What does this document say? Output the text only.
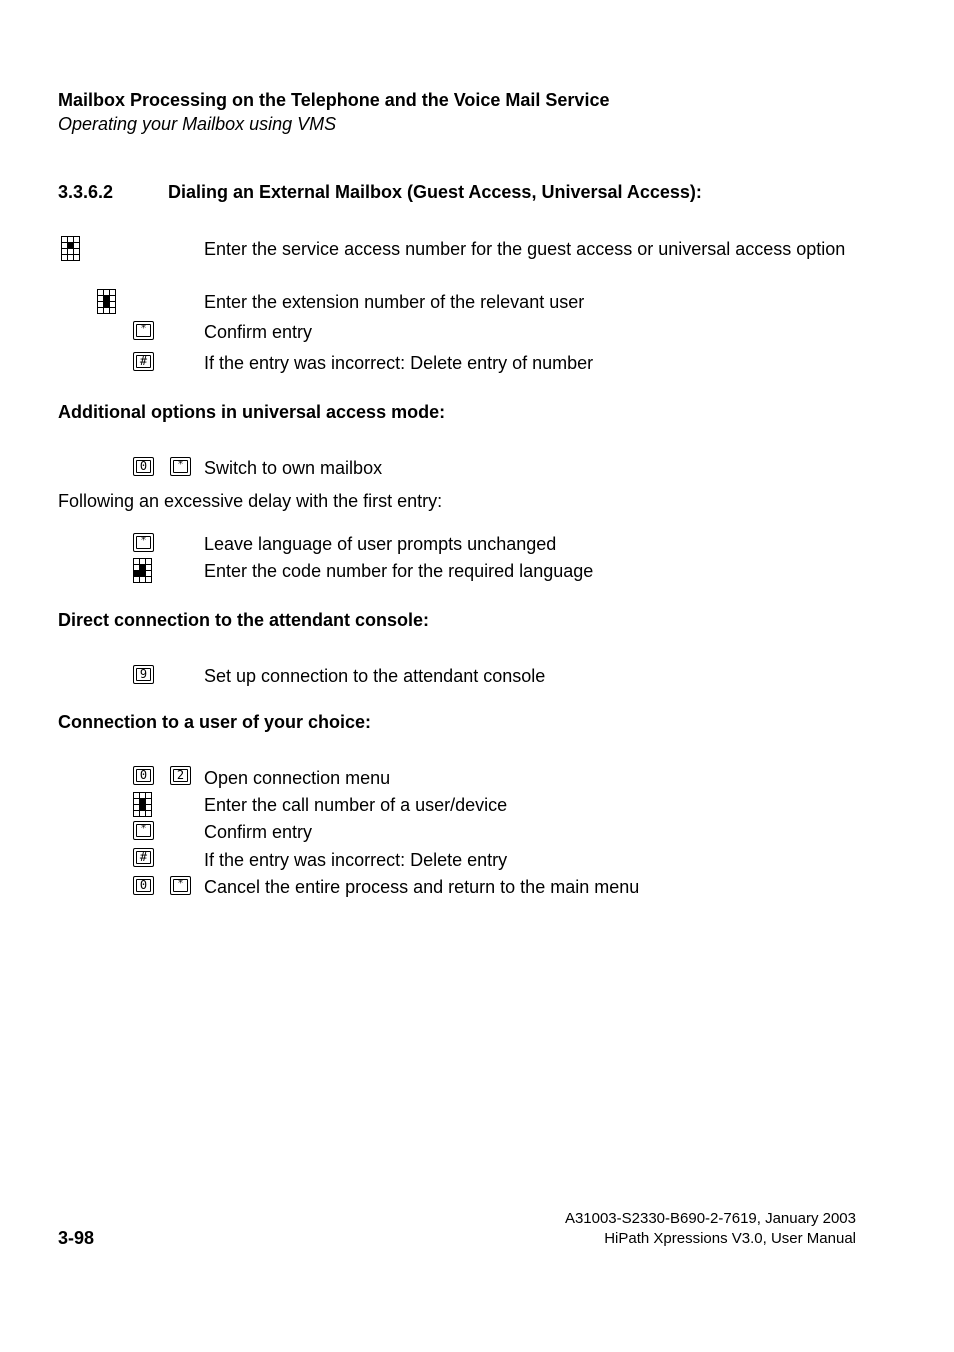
Mailbox Processing on the Telephone and the Voice Mail Service
Operating your Mailbox using VMS
3.3.6.2	Dialing an External Mailbox (Guest Access, Universal Access):
Enter the service access number for the guest access or universal access option
Enter the extension number of the relevant user
*	Confirm entry
#	If the entry was incorrect: Delete entry of number
Additional options in universal access mode:
0	*	Switch to own mailbox
Following an excessive delay with the first entry:
*	Leave language of user prompts unchanged
Enter the code number for the required language
Direct connection to the attendant console:
9	Set up connection to the attendant console
Connection to a user of your choice:
0	2	Open connection menu
Enter the call number of a user/device
*	Confirm entry
#	If the entry was incorrect: Delete entry
0	*	Cancel the entire process and return to the main menu
A31003-S2330-B690-2-7619, January 2003
HiPath Xpressions V3.0, User Manual
3-98
